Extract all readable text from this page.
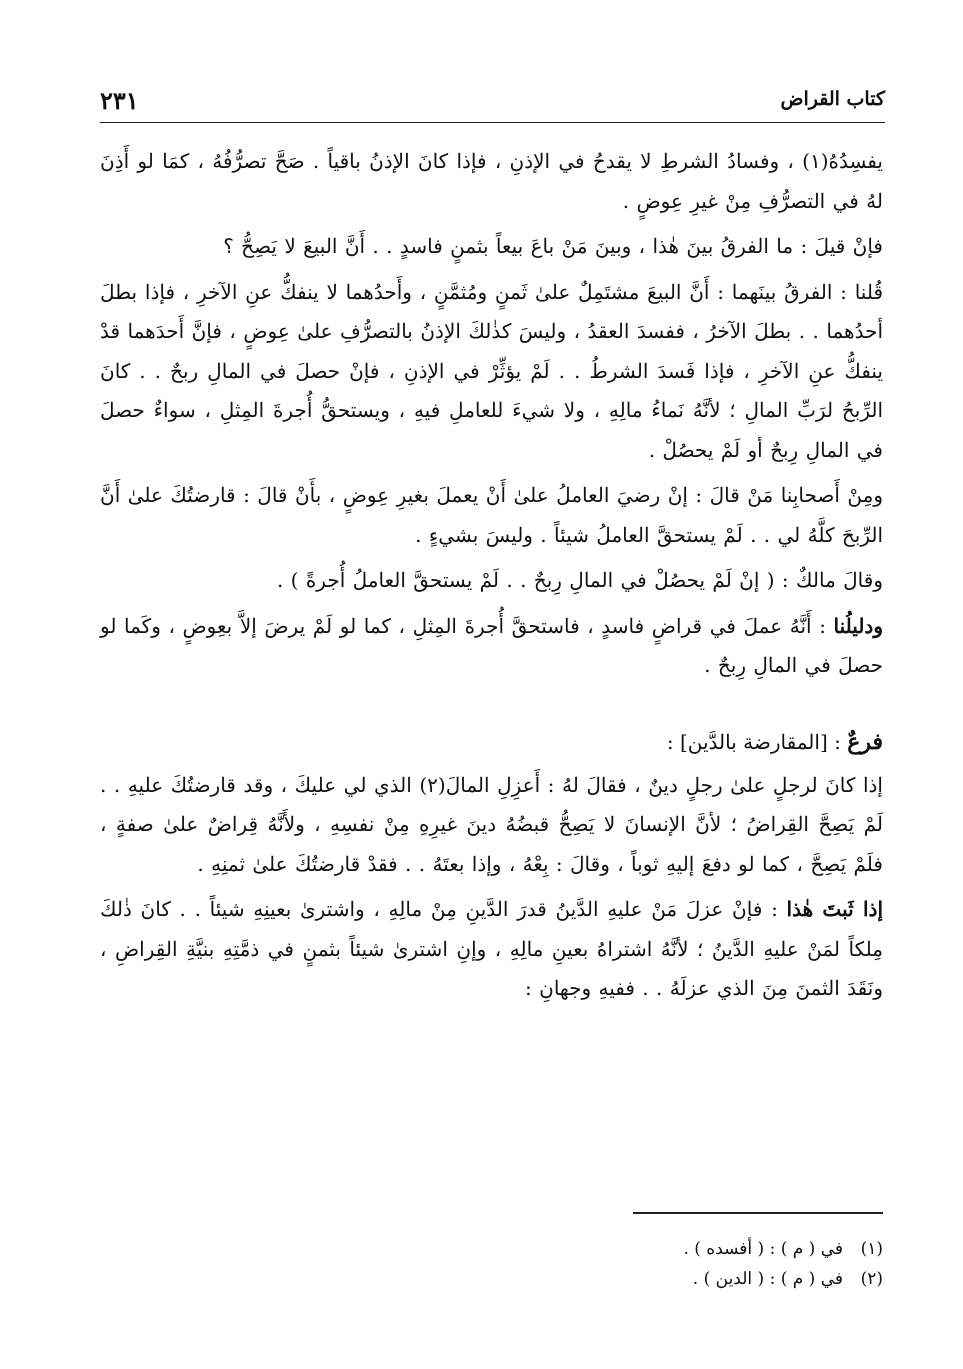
كتاب القراض
٢٣١

يفسِدُهُ(١) ، وفسادُ الشرطِ لا يقدحُ في الإذنِ ، فإذا كانَ الإذنُ باقياً . صَحَّ تصرُّفُهُ ، كمَا لو أَذِنَ لهُ في التصرُّفِ مِنْ غيرِ عِوضٍ .

فإنْ قيلَ : ما الفرقُ بينَ هٰذا ، وبينَ مَنْ باعَ بيعاً بثمنٍ فاسدٍ . . أَنَّ البيعَ لا يَصِحُّ ؟

قُلنا : الفرقُ بينَهما : أَنَّ البيعَ مشتَمِلٌ علىٰ ثَمنٍ ومُثمَّنٍ ، وأَحدُهما لا ينفكُّ عنِ الآخرِ ، فإذا بطلَ أحدُهما . . بطلَ الآخرُ ، ففسدَ العقدُ ، وليسَ كذٰلكَ الإذنُ بالتصرُّفِ علىٰ عِوضٍ ، فإنَّ أَحدَهما قدْ ينفكُّ عنِ الآخرِ ، فإذا فَسدَ الشرطُ . . لَمْ يؤثِّرْ في الإذنِ ، فإنْ حصلَ في المالِ ربحٌ . . كانَ الرِّبحُ لرَبِّ المالِ ؛ لأنَّهُ نَماءُ مالِهِ ، ولا شيءَ للعاملِ فيهِ ، ويستحقُّ أُجرةَ المِثلِ ، سواءٌ حصلَ في المالِ رِبحٌ أو لَمْ يحصُلْ .

ومِنْ أَصحابِنا مَنْ قالَ : إنْ رضيَ العاملُ علىٰ أَنْ يعملَ بغيرِ عِوضٍ ، بأَنْ قالَ : قارضتُكَ علىٰ أَنَّ الرِّبحَ كلَّهُ لي . . لَمْ يستحقَّ العاملُ شيئاً . وليسَ بشيءٍ .

وقالَ مالكٌ : ( إنْ لَمْ يحصُلْ في المالِ رِبحٌ . . لَمْ يستحقَّ العاملُ أُجرةً ) .

ودليلُنا : أَنَّهُ عملَ في قراضٍ فاسدٍ ، فاستحقَّ أُجرةَ المِثلِ ، كما لو لَمْ يرضَ إلاَّ بعِوضٍ ، وكَما لو حصلَ في المالِ رِبحٌ .

فرعٌ : [المقارضة بالدَّين] :

إذا كانَ لرجلٍ علىٰ رجلٍ دينٌ ، فقالَ لهُ : أَعزِلِ المالَ(٢) الذي لي عليكَ ، وقد قارضتُكَ عليهِ . . لَمْ يَصِحَّ القِراضُ ؛ لأنَّ الإنسانَ لا يَصِحُّ قبضُهُ دينَ غيرِهِ مِنْ نفسِهِ ، ولأَنَّهُ قِراضٌ علىٰ صفةٍ ، فلَمْ يَصِحَّ ، كما لو دفعَ إليهِ ثوباً ، وقالَ : بِعْهُ ، وإذا بعتَهُ . . فقدْ قارضتُكَ علىٰ ثمنِهِ .

إذا ثَبتَ هٰذا : فإنْ عزلَ مَنْ عليهِ الدَّينُ قدرَ الدَّينِ مِنْ مالِهِ ، واشترىٰ بعينِهِ شيئاً . . كانَ ذٰلكَ مِلكاً لمَنْ عليهِ الدَّينُ ؛ لأنَّهُ اشتراهُ بعينِ مالِهِ ، وإنِ اشترىٰ شيئاً بثمنٍ في ذمَّتِهِ بنيَّةِ القِراضِ ، ونَقَدَ الثمنَ مِنَ الذي عزلَهُ . . ففيهِ وجهانِ :

(١)في ( م ) : ( أفسده ) .
(٢)في ( م ) : ( الدين ) .
